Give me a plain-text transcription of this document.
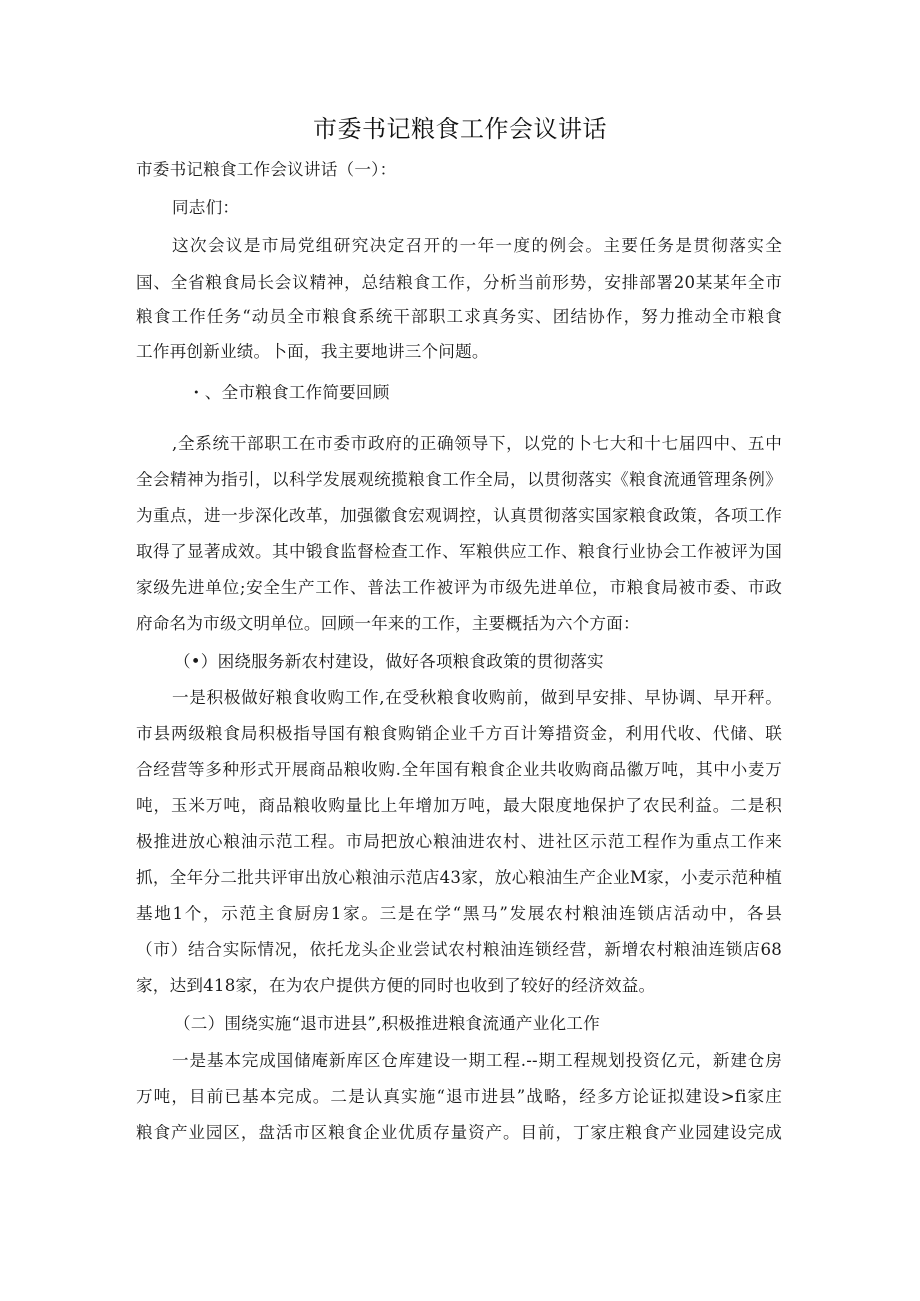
市委书记粮食工作会议讲话
市委书记粮食工作会议讲话（一）：
同志们：
这次会议是市局党组研究决定召开的一年一度的例会。主要任务是贯彻落实全
国、全省粮食局长会议精神，总结粮食工作，分析当前形势，安排部署20某某年全市
粮食工作任务“动员全市粮食系统干部职工求真务实、团结协作，努力推动全市粮食
工作再创新业绩。卜面，我主要地讲三个问题。
・、全市粮食工作简要回顾
,全系统干部职工在市委市政府的正确领导下，以党的卜七大和十七届四中、五中
全会精神为指引，以科学发展观统揽粮食工作全局，以贯彻落实《粮食流通管理条例》
为重点，进一步深化改革，加强徽食宏观调控，认真贯彻落实国家粮食政策，各项工作
取得了显著成效。其中锻食监督检查工作、军粮供应工作、粮食行业协会工作被评为国
家级先进单位;安全生产工作、普法工作被评为市级先进单位，市粮食局被市委、市政
府命名为市级文明单位。回顾一年来的工作，主要概括为六个方面：
（•）困绕服务新农村建设，做好各项粮食政策的贯彻落实
一是积极做好粮食收购工作,在受秋粮食收购前，做到早安排、早协调、早开秤。
市县两级粮食局积极指导国有粮食购销企业千方百计筹措资金，利用代收、代储、联
合经营等多种形式开展商品粮收购.全年国有粮食企业共收购商品徽万吨，其中小麦万
吨，玉米万吨，商品粮收购量比上年增加万吨，最大限度地保护了农民利益。二是积
极推进放心粮油示范工程。市局把放心粮油进农村、进社区示范工程作为重点工作来
抓，全年分二批共评审出放心粮油示范店43家，放心粮油生产企业M家，小麦示范种植
基地1个，示范主食厨房1家。三是在学“黑马”发展农村粮油连锁店活动中，各县
（市）结合实际情况，依托龙头企业尝试农村粮油连锁经营，新增农村粮油连锁店68
家，达到418家，在为农户提供方便的同时也收到了较好的经济效益。
（二）围绕实施“退市进县”,积极推进粮食流通产业化工作
一是基本完成国储庵新库区仓库建设一期工程.--期工程规划投资亿元，新建仓房
万吨，目前已基本完成。二是认真实施“退市进县”战略，经多方论证拟建设>fi家庄
粮食产业园区，盘活市区粮食企业优质存量资产。目前，丁家庄粮食产业园建设完成
